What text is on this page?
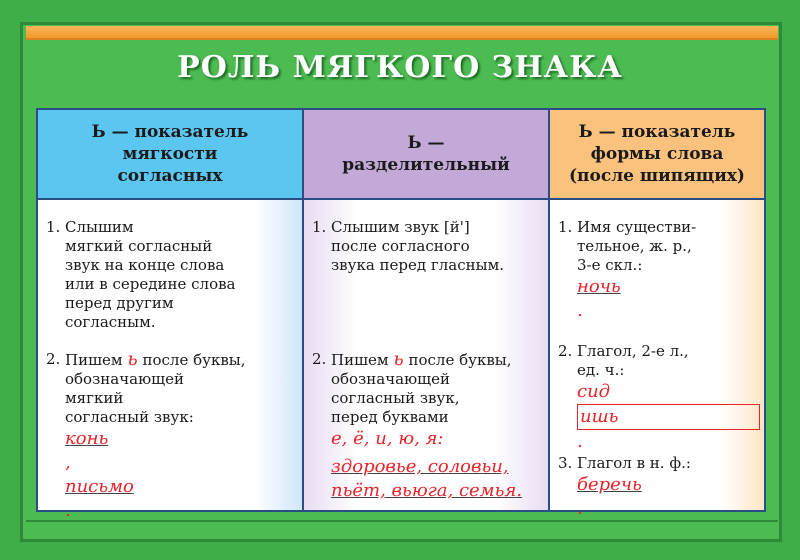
РОЛЬ МЯГКОГО ЗНАКА
Ь — показатель
мягкости
согласных
1. Слышим
мягкий согласный
звук на конце слова
или в середине слова
перед другим
согласным.
2. Пишем ь после буквы,
обозначающей
мягкий
согласный звук:
конь
,
письмо
.
Ь —
разделительный
1. Слышим звук [й']
после согласного
звука перед гласным.
2. Пишем ь после буквы,
обозначающей
согласный звук,
перед буквами
е, ё, и, ю, я:
здоровье, соловьи,
пьёт, вьюга, семья.
Ь — показатель
формы слова
(после шипящих)
1. Имя существи-
тельное, ж. р.,
3-е скл.:
ночь
.
2. Глагол, 2-е л.,
ед. ч.:
сид
ишь
.
3. Глагол в н. ф.:
беречь
.
